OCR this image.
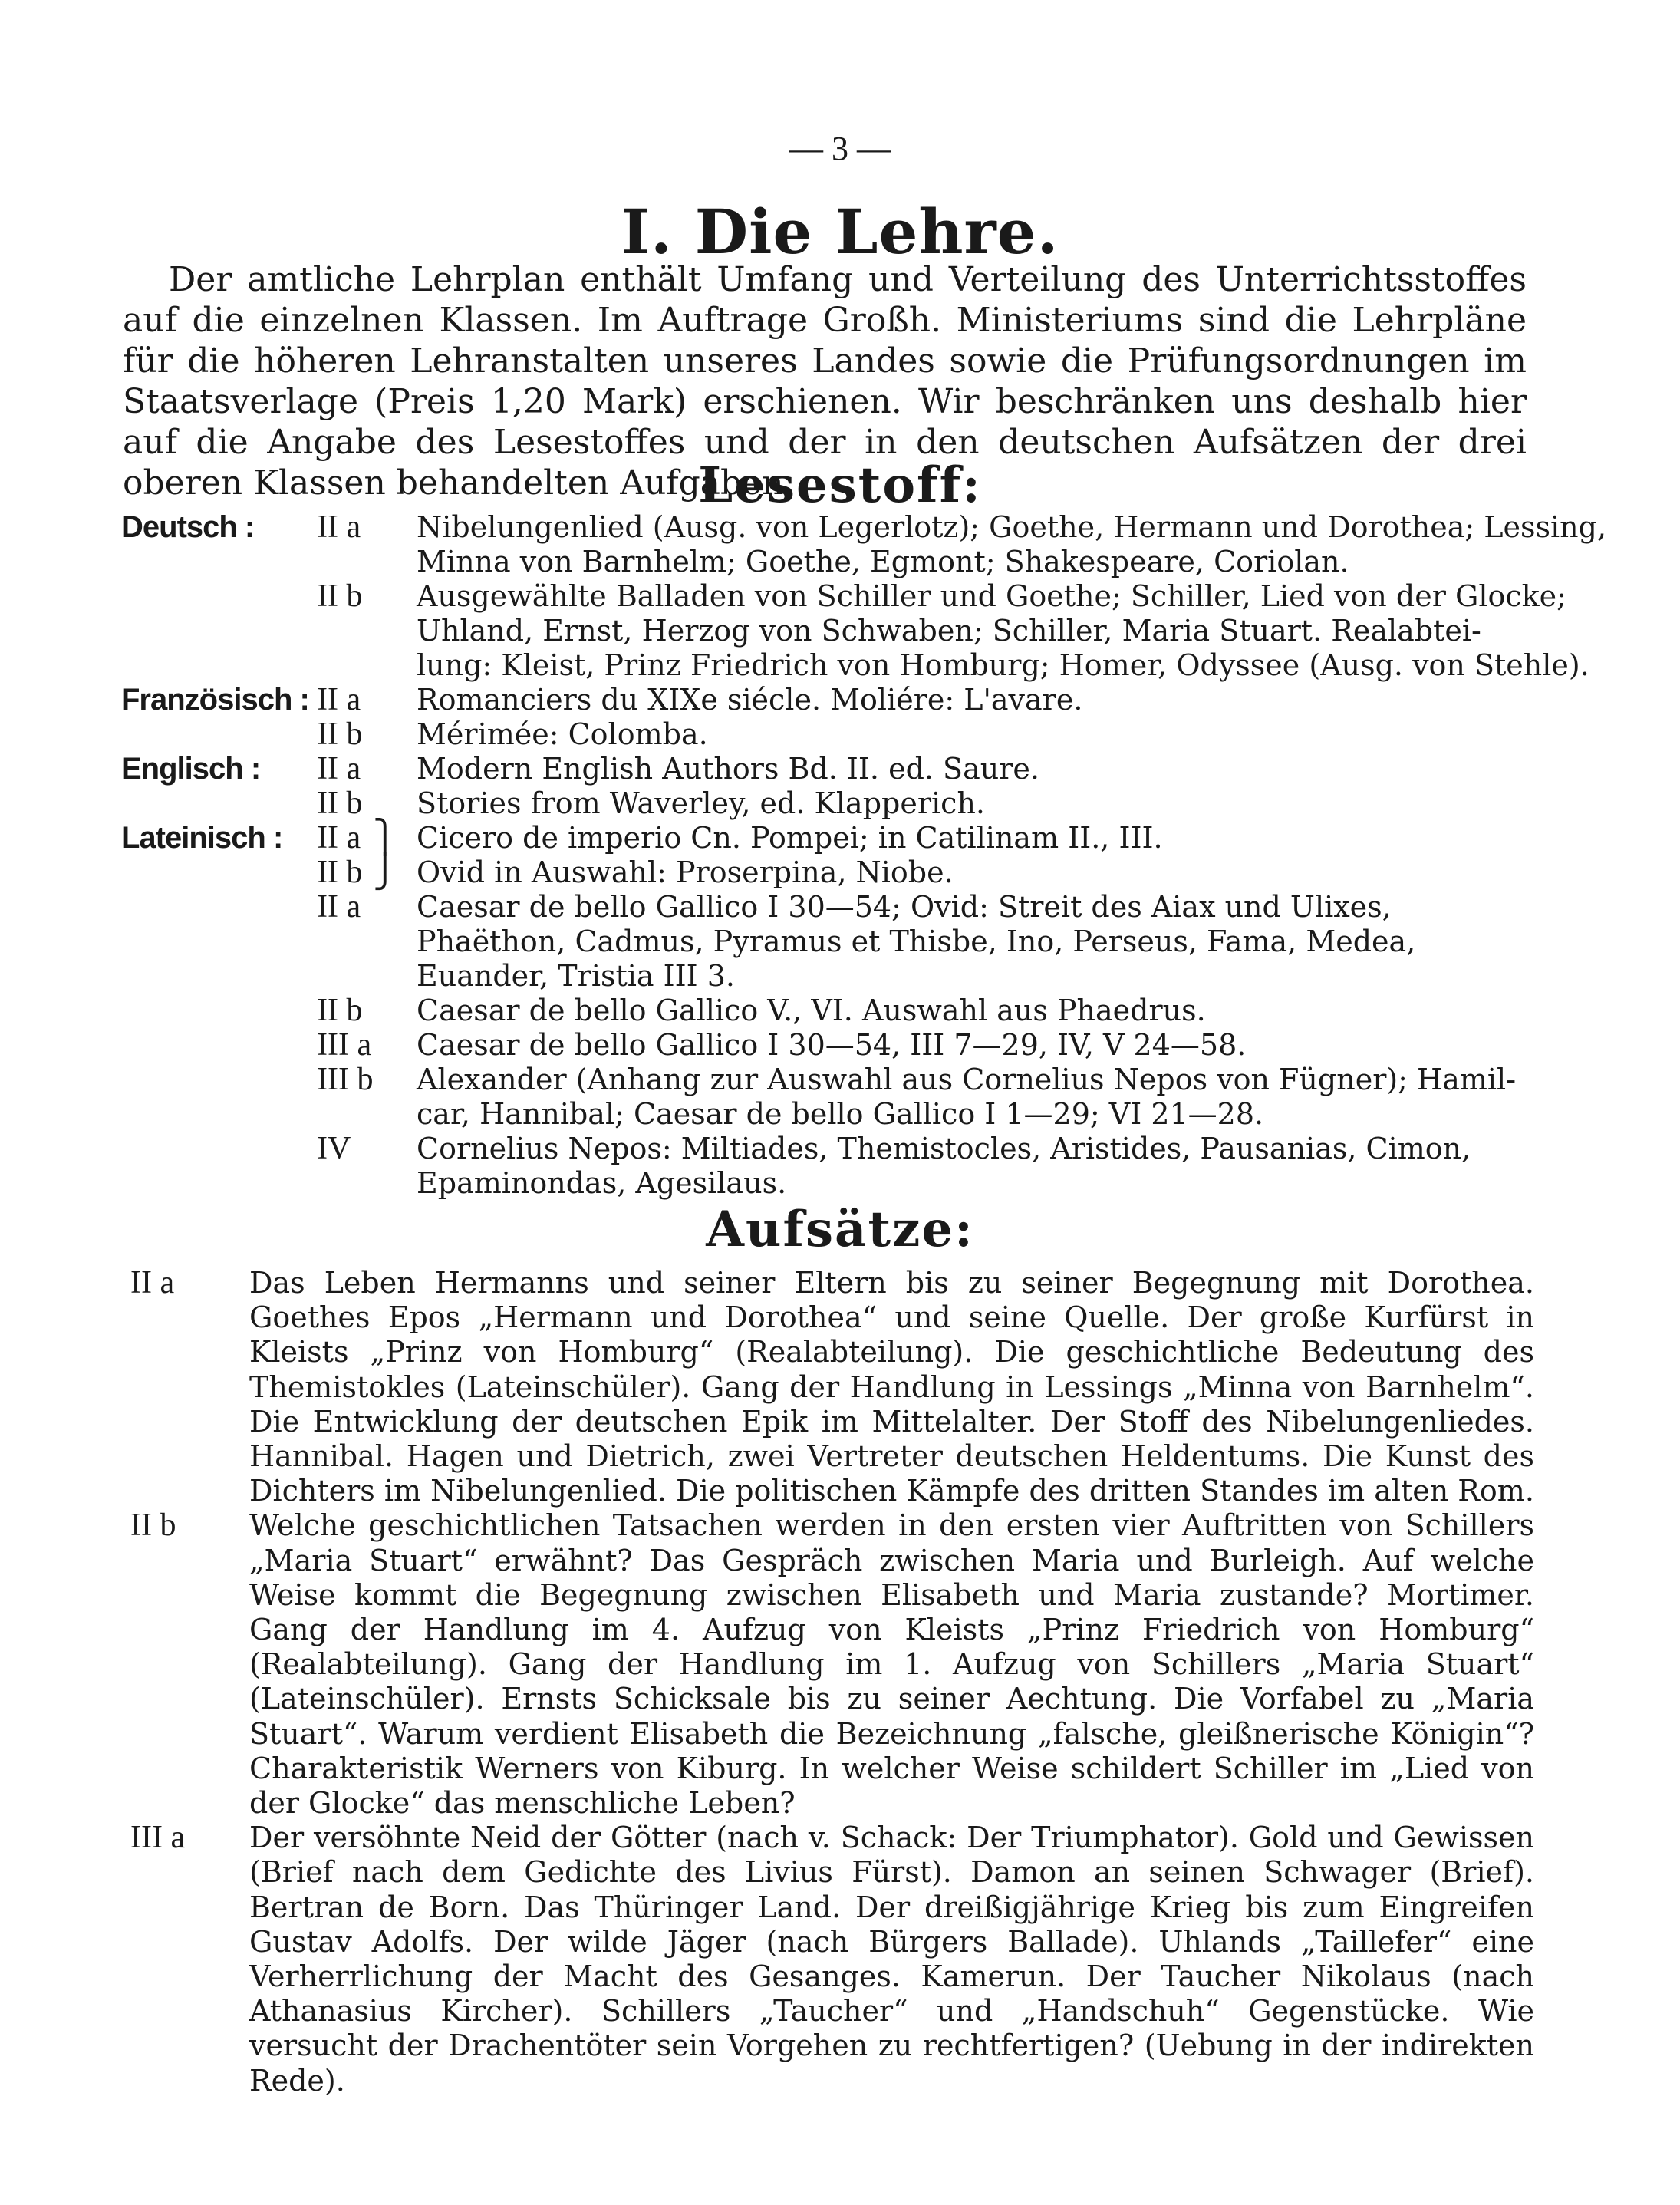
— 3 —
I. Die Lehre.

Der amtliche Lehrplan enthält Umfang und Verteilung des Unterrichtsstoffes auf die einzelnen Klassen. Im Auftrage Großh. Ministeriums sind die Lehrpläne für die höheren Lehranstalten unseres Landes sowie die Prüfungsordnungen im Staatsverlage (Preis 1,20 Mark) erschienen. Wir beschränken uns deshalb hier auf die Angabe des Lesestoffes und der in den deutschen Aufsätzen der drei oberen Klassen behandelten Aufgaben.

Lesestoff:
Deutsch : II a Nibelungenlied (Ausg. von Legerlotz); Goethe, Hermann und Dorothea; Lessing,
Minna von Barnhelm; Goethe, Egmont; Shakespeare, Coriolan.
II b Ausgewählte Balladen von Schiller und Goethe; Schiller, Lied von der Glocke;
Uhland, Ernst, Herzog von Schwaben; Schiller, Maria Stuart. Realabtei-
lung: Kleist, Prinz Friedrich von Homburg; Homer, Odyssee (Ausg. von Stehle).
Französisch : II a Romanciers du XIXe siécle. Moliére: L'avare.
II b Mérimée: Colomba.
Englisch : II a Modern English Authors Bd. II. ed. Saure.
II b Stories from Waverley, ed. Klapperich.
Lateinisch : II a ⎫ Cicero de imperio Cn. Pompei; in Catilinam II., III.
II b ⎭ Ovid in Auswahl: Proserpina, Niobe.
II a Caesar de bello Gallico I 30—54; Ovid: Streit des Aiax und Ulixes,
Phaëthon, Cadmus, Pyramus et Thisbe, Ino, Perseus, Fama, Medea,
Euander, Tristia III 3.
II b Caesar de bello Gallico V., VI. Auswahl aus Phaedrus.
III a Caesar de bello Gallico I 30—54, III 7—29, IV, V 24—58.
III b Alexander (Anhang zur Auswahl aus Cornelius Nepos von Fügner); Hamil-
car, Hannibal; Caesar de bello Gallico I 1—29; VI 21—28.
IV Cornelius Nepos: Miltiades, Themistocles, Aristides, Pausanias, Cimon,
Epaminondas, Agesilaus.
Aufsätze:
II a	Das Leben Hermanns und seiner Eltern bis zu seiner Begegnung mit Dorothea. Goethes Epos „Hermann und Dorothea“ und seine Quelle. Der große Kurfürst in Kleists „Prinz von Homburg“ (Realabteilung). Die geschichtliche Bedeutung des Themistokles (Lateinschüler). Gang der Handlung in Lessings „Minna von Barnhelm“. Die Entwicklung der deutschen Epik im Mittelalter. Der Stoff des Nibelungenliedes. Hannibal. Hagen und Dietrich, zwei Vertreter deutschen Heldentums. Die Kunst des Dichters im Nibelungenlied. Die politischen Kämpfe des dritten Standes im alten Rom.
II b	Welche geschichtlichen Tatsachen werden in den ersten vier Auftritten von Schillers „Maria Stuart“ erwähnt? Das Gespräch zwischen Maria und Burleigh. Auf welche Weise kommt die Begegnung zwischen Elisabeth und Maria zustande? Mortimer. Gang der Handlung im 4. Aufzug von Kleists „Prinz Friedrich von Homburg“ (Realabteilung). Gang der Handlung im 1. Aufzug von Schillers „Maria Stuart“ (Lateinschüler). Ernsts Schicksale bis zu seiner Aechtung. Die Vorfabel zu „Maria Stuart“. Warum verdient Elisabeth die Bezeichnung „falsche, gleißnerische Königin“? Charakteristik Werners von Kiburg. In welcher Weise schildert Schiller im „Lied von der Glocke“ das menschliche Leben?
III a Der versöhnte Neid der Götter (nach v. Schack: Der Triumphator). Gold und Gewissen (Brief nach dem Gedichte des Livius Fürst). Damon an seinen Schwager (Brief). Bertran de Born. Das Thüringer Land. Der dreißigjährige Krieg bis zum Eingreifen Gustav Adolfs. Der wilde Jäger (nach Bürgers Ballade). Uhlands „Taillefer“ eine Verherrlichung der Macht des Gesanges. Kamerun. Der Taucher Nikolaus (nach Athanasius Kircher). Schillers „Taucher“ und „Handschuh“ Gegenstücke. Wie versucht der Drachentöter sein Vorgehen zu rechtfertigen? (Uebung in der indirekten Rede).
